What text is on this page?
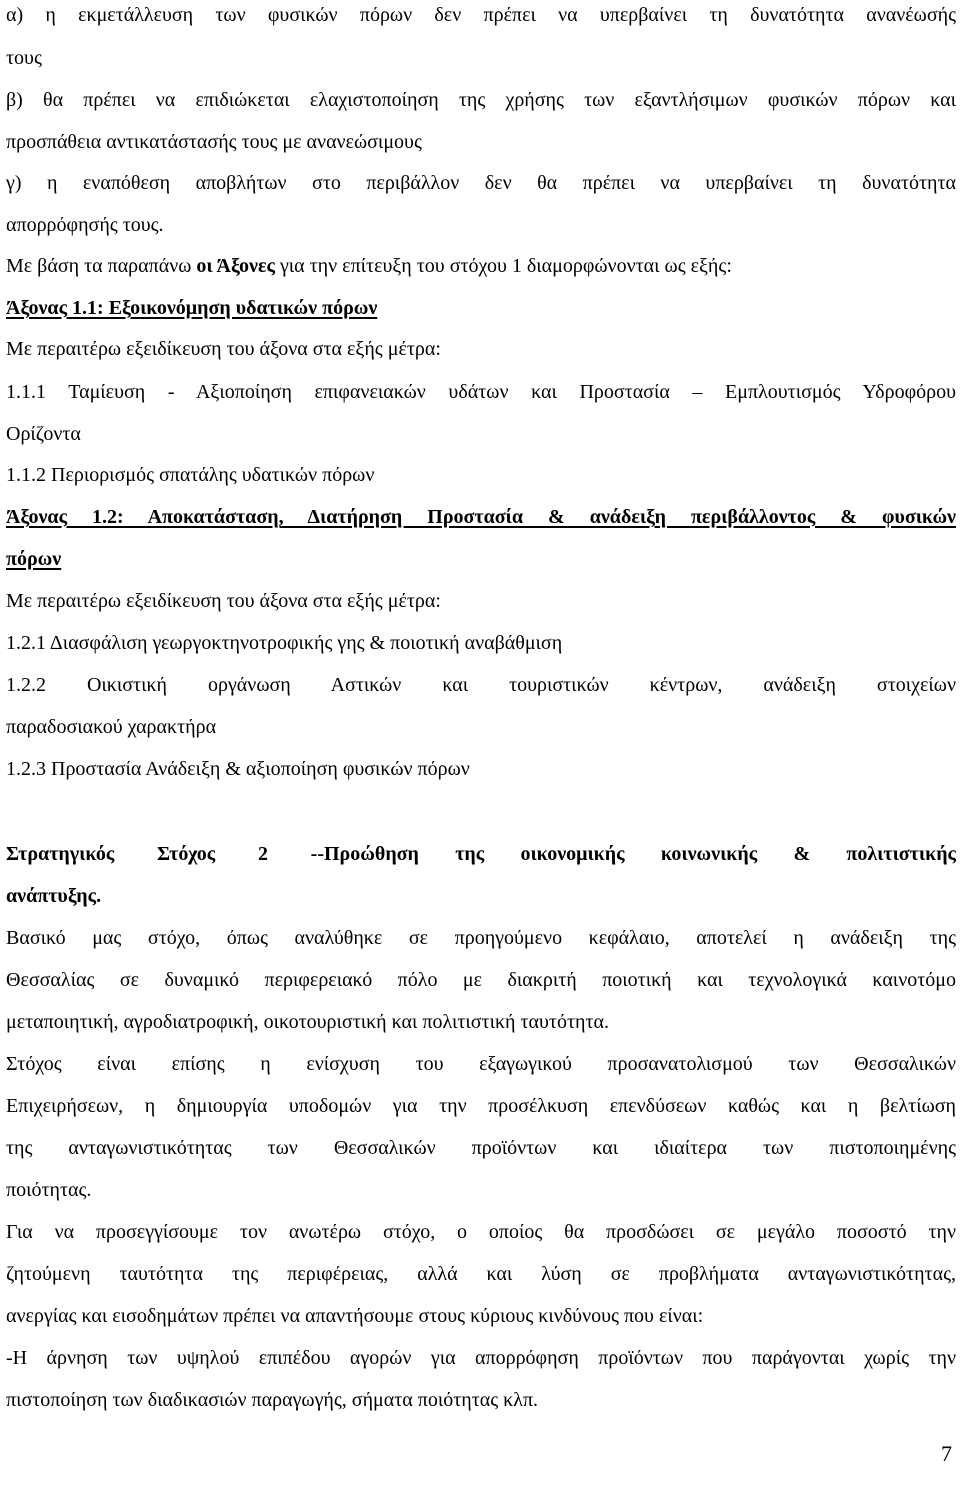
α) η εκμετάλλευση των φυσικών πόρων δεν πρέπει να υπερβαίνει τη δυνατότητα ανανέωσής
τους
β) θα πρέπει να επιδιώκεται ελαχιστοποίηση της χρήσης των εξαντλήσιμων φυσικών πόρων και
προσπάθεια αντικατάστασής τους με ανανεώσιμους
γ) η εναπόθεση αποβλήτων στο περιβάλλον δεν θα πρέπει να υπερβαίνει τη δυνατότητα
απορρόφησής τους.
Με βάση τα παραπάνω οι Άξονες για την επίτευξη του στόχου 1 διαμορφώνονται ως εξής:
Άξονας 1.1: Εξοικονόμηση υδατικών πόρων
Με περαιτέρω εξειδίκευση του άξονα στα εξής μέτρα:
1.1.1 Ταμίευση - Αξιοποίηση επιφανειακών υδάτων και Προστασία – Εμπλουτισμός Υδροφόρου
Ορίζοντα
1.1.2 Περιορισμός σπατάλης υδατικών πόρων
Άξονας 1.2: Αποκατάσταση, Διατήρηση Προστασία & ανάδειξη περιβάλλοντος & φυσικών
πόρων
Με περαιτέρω εξειδίκευση του άξονα στα εξής μέτρα:
1.2.1 Διασφάλιση γεωργοκτηνοτροφικής γης & ποιοτική αναβάθμιση
1.2.2 Οικιστική οργάνωση Αστικών και τουριστικών κέντρων, ανάδειξη στοιχείων
παραδοσιακού χαρακτήρα
1.2.3 Προστασία Ανάδειξη & αξιοποίηση φυσικών πόρων
Στρατηγικός Στόχος 2 --Προώθηση της οικονομικής κοινωνικής & πολιτιστικής
ανάπτυξης.
Βασικό μας στόχο, όπως αναλύθηκε σε προηγούμενο κεφάλαιο, αποτελεί η ανάδειξη της
Θεσσαλίας σε δυναμικό περιφερειακό πόλο με διακριτή ποιοτική και τεχνολογικά καινοτόμο
μεταποιητική, αγροδιατροφική, οικοτουριστική και πολιτιστική ταυτότητα.
Στόχος είναι επίσης η ενίσχυση του εξαγωγικού προσανατολισμού των Θεσσαλικών
Επιχειρήσεων, η δημιουργία υποδομών για την προσέλκυση επενδύσεων καθώς και η βελτίωση
της ανταγωνιστικότητας των Θεσσαλικών προϊόντων και ιδιαίτερα των πιστοποιημένης
ποιότητας.
Για να προσεγγίσουμε τον ανωτέρω στόχο, ο οποίος θα προσδώσει σε μεγάλο ποσοστό την
ζητούμενη ταυτότητα της περιφέρειας, αλλά και λύση σε προβλήματα ανταγωνιστικότητας,
ανεργίας και εισοδημάτων πρέπει να απαντήσουμε στους κύριους κινδύνους που είναι:
-Η άρνηση των υψηλού επιπέδου αγορών για απορρόφηση προϊόντων που παράγονται χωρίς την
πιστοποίηση των διαδικασιών παραγωγής, σήματα ποιότητας κλπ.
7
